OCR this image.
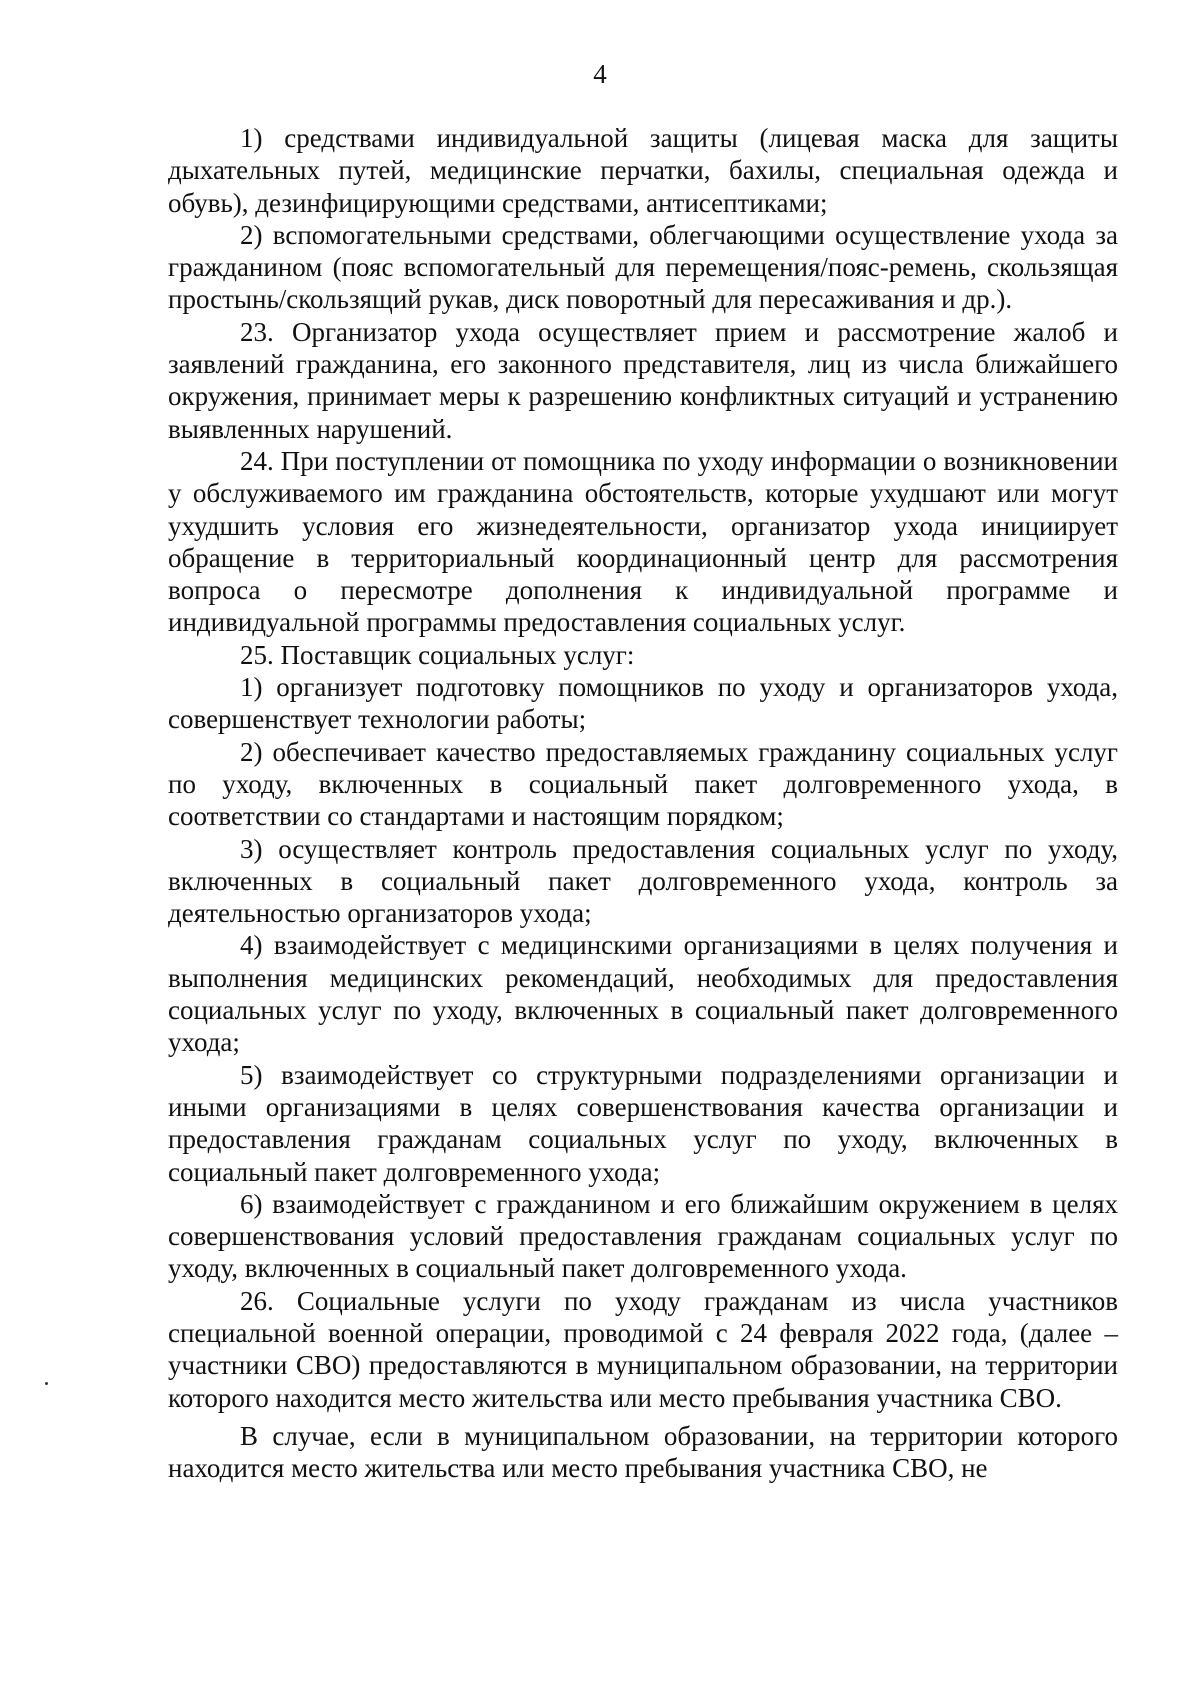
4

1) средствами индивидуальной защиты (лицевая маска для защиты дыхательных путей, медицинские перчатки, бахилы, специальная одежда и обувь), дезинфицирующими средствами, антисептиками;

2) вспомогательными средствами, облегчающими осуществление ухода за гражданином (пояс вспомогательный для перемещения/пояс-ремень, скользящая простынь/скользящий рукав, диск поворотный для пересаживания и др.).

23. Организатор ухода осуществляет прием и рассмотрение жалоб и заявлений гражданина, его законного представителя, лиц из числа ближайшего окружения, принимает меры к разрешению конфликтных ситуаций и устранению выявленных нарушений.

24. При поступлении от помощника по уходу информации о возникновении у обслуживаемого им гражданина обстоятельств, которые ухудшают или могут ухудшить условия его жизнедеятельности, организатор ухода инициирует обращение в территориальный координационный центр для рассмотрения вопроса о пересмотре дополнения к индивидуальной программе и индивидуальной программы предоставления социальных услуг.

25. Поставщик социальных услуг:

1) организует подготовку помощников по уходу и организаторов ухода, совершенствует технологии работы;

2) обеспечивает качество предоставляемых гражданину социальных услуг по уходу, включенных в социальный пакет долговременного ухода, в соответствии со стандартами и настоящим порядком;

3) осуществляет контроль предоставления социальных услуг по уходу, включенных в социальный пакет долговременного ухода, контроль за деятельностью организаторов ухода;

4) взаимодействует с медицинскими организациями в целях получения и выполнения медицинских рекомендаций, необходимых для предоставления социальных услуг по уходу, включенных в социальный пакет долговременного ухода;

5) взаимодействует со структурными подразделениями организации и иными организациями в целях совершенствования качества организации и предоставления гражданам социальных услуг по уходу, включенных в социальный пакет долговременного ухода;

6) взаимодействует с гражданином и его ближайшим окружением в целях совершенствования условий предоставления гражданам социальных услуг по уходу, включенных в социальный пакет долговременного ухода.

26. Социальные услуги по уходу гражданам из числа участников специальной военной операции, проводимой с 24 февраля 2022 года, (далее – участники СВО) предоставляются в муниципальном образовании, на территории которого находится место жительства или место пребывания участника СВО.

В случае, если в муниципальном образовании, на территории которого находится место жительства или место пребывания участника СВО, не
